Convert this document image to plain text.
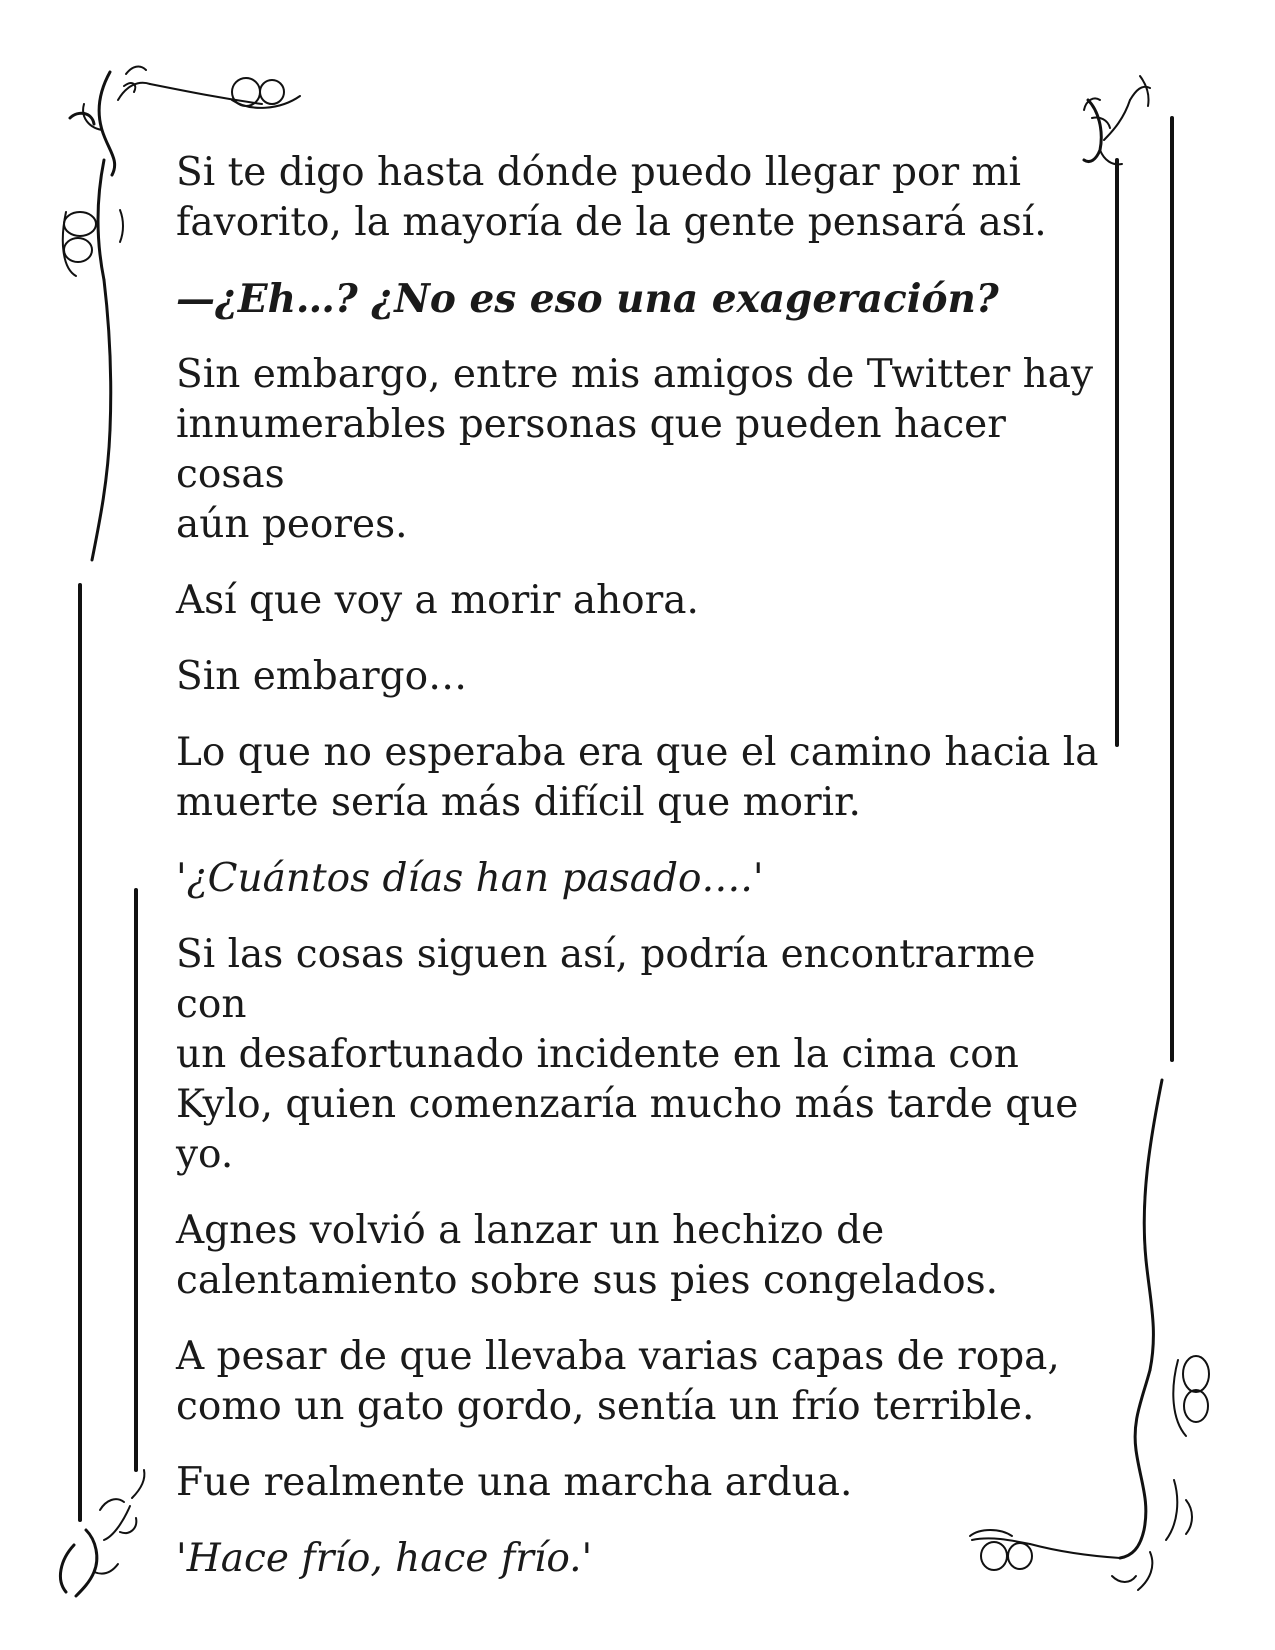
Si te digo hasta dónde puedo llegar por mi
favorito, la mayoría de la gente pensará así.

—¿Eh…? ¿No es eso una exageración?

Sin embargo, entre mis amigos de Twitter hay
innumerables personas que pueden hacer cosas
aún peores.

Así que voy a morir ahora.

Sin embargo…

Lo que no esperaba era que el camino hacia la
muerte sería más difícil que morir.

'¿Cuántos días han pasado….'

Si las cosas siguen así, podría encontrarme con
un desafortunado incidente en la cima con
Kylo, quien comenzaría mucho más tarde que
yo.

Agnes volvió a lanzar un hechizo de
calentamiento sobre sus pies congelados.

A pesar de que llevaba varias capas de ropa,
como un gato gordo, sentía un frío terrible.

Fue realmente una marcha ardua.

'Hace frío, hace frío.'
